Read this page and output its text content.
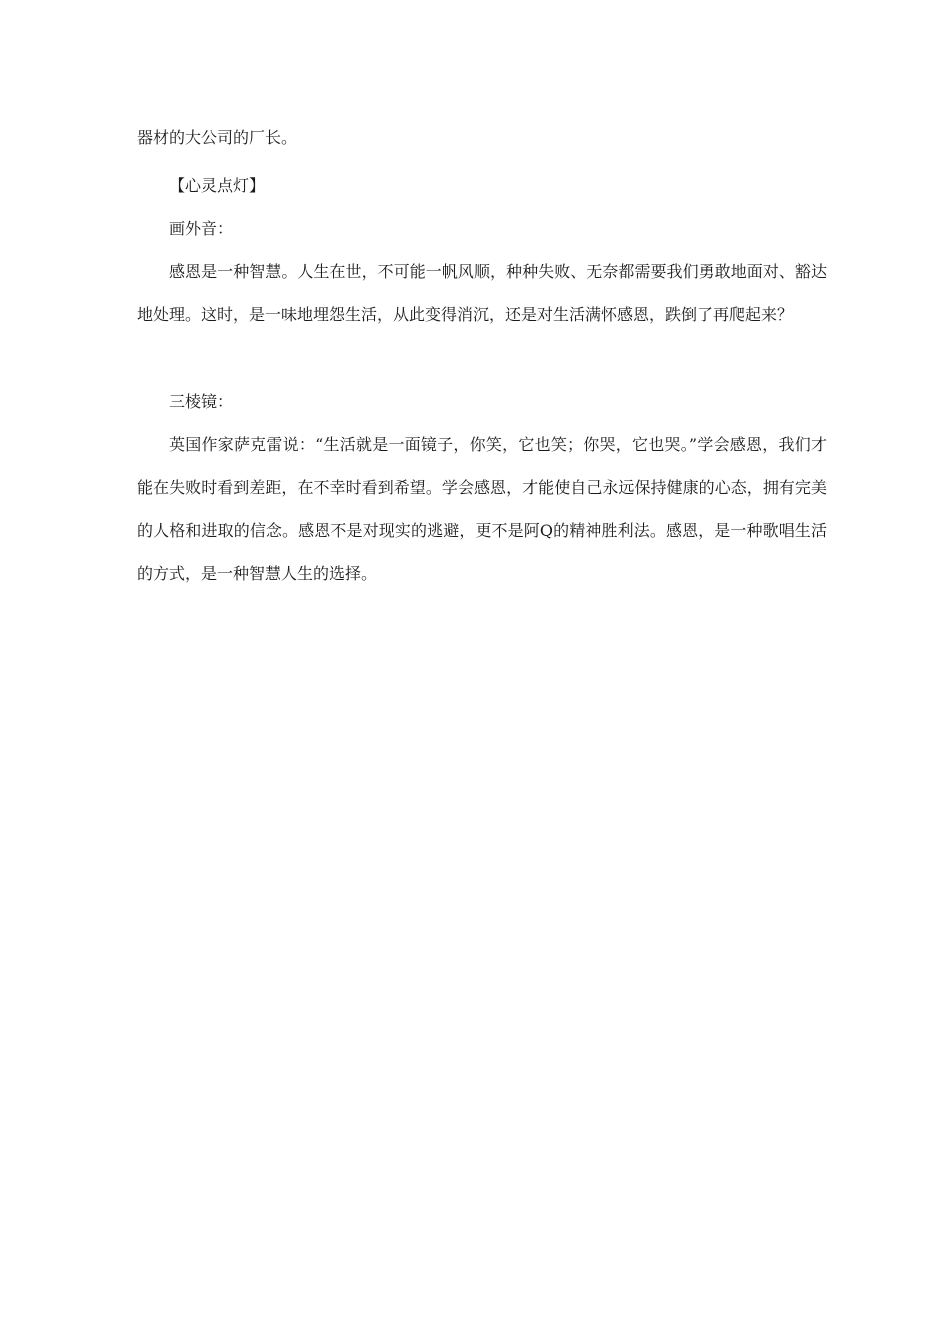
器材的大公司的厂长。

【心灵点灯】

画外音：

感恩是一种智慧。人生在世，不可能一帆风顺，种种失败、无奈都需要我们勇敢地面对、豁达地处理。这时，是一味地埋怨生活，从此变得消沉，还是对生活满怀感恩，跌倒了再爬起来？

三棱镜：

英国作家萨克雷说：“生活就是一面镜子，你笑，它也笑；你哭，它也哭。”学会感恩，我们才能在失败时看到差距，在不幸时看到希望。学会感恩，才能使自己永远保持健康的心态，拥有完美的人格和进取的信念。感恩不是对现实的逃避，更不是阿Q的精神胜利法。感恩，是一种歌唱生活的方式，是一种智慧人生的选择。
